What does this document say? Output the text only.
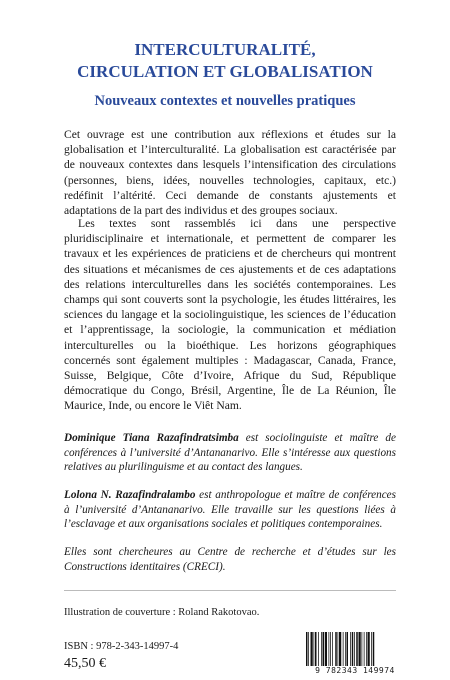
INTERCULTURALITÉ,
CIRCULATION ET GLOBALISATION
Nouveaux contextes et nouvelles pratiques

Cet ouvrage est une contribution aux réflexions et études sur la globalisation et l’interculturalité. La globalisation est caractérisée par de nouveaux contextes dans lesquels l’intensification des circulations (personnes, biens, idées, nouvelles technologies, capitaux, etc.) redéfinit l’altérité. Ceci demande de constants ajustements et adaptations de la part des individus et des groupes sociaux.

Les textes sont rassemblés ici dans une perspective pluridisciplinaire et internationale, et permettent de comparer les travaux et les expériences de praticiens et de chercheurs qui montrent des situations et mécanismes de ces ajustements et de ces adaptations des relations interculturelles dans les sociétés contemporaines. Les champs qui sont couverts sont la psychologie, les études littéraires, les sciences du langage et la sociolinguistique, les sciences de l’éducation et l’apprentissage, la sociologie, la communication et médiation interculturelles ou la bioéthique. Les horizons géographiques concernés sont également multiples : Madagascar, Canada, France, Suisse, Belgique, Côte d’Ivoire, Afrique du Sud, République démocratique du Congo, Brésil, Argentine, Île de La Réunion, Île Maurice, Inde, ou encore le Viêt Nam.

Dominique Tiana Razafindratsimba est sociolinguiste et maître de conférences à l’université d’Antananarivo. Elle s’intéresse aux questions relatives au plurilinguisme et au contact des langues.
Lolona N. Razafindralambo est anthropologue et maître de conférences à l’université d’Antananarivo. Elle travaille sur les questions liées à l’esclavage et aux organisations sociales et politiques contemporaines.
Elles sont chercheures au Centre de recherche et d’études sur les Constructions identitaires (CRECI).
Illustration de couverture : Roland Rakotovao.
ISBN : 978-2-343-14997-4
45,50 €	9 782343 149974
